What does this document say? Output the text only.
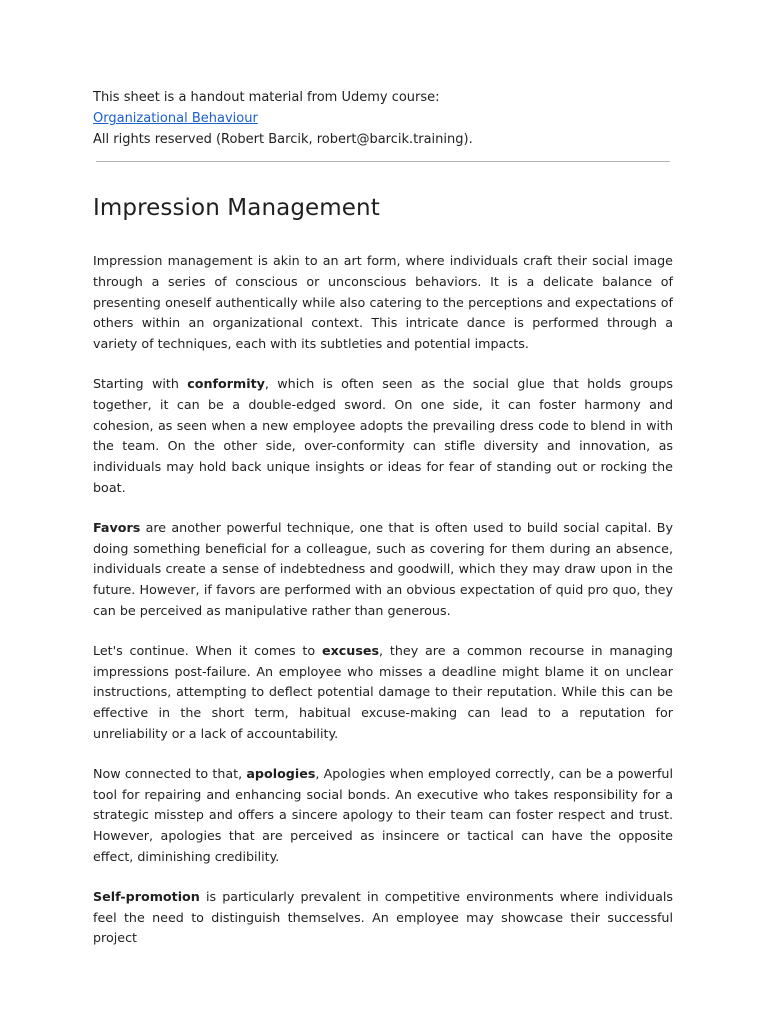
This sheet is a handout material from Udemy course:

Organizational Behaviour

All rights reserved (Robert Barcik, robert@barcik.training).

Impression Management

Impression management is akin to an art form, where individuals craft their social image through a series of conscious or unconscious behaviors. It is a delicate balance of presenting oneself authentically while also catering to the perceptions and expectations of others within an organizational context. This intricate dance is performed through a variety of techniques, each with its subtleties and potential impacts.

Starting with conformity, which is often seen as the social glue that holds groups together, it can be a double-edged sword. On one side, it can foster harmony and cohesion, as seen when a new employee adopts the prevailing dress code to blend in with the team. On the other side, over-conformity can stifle diversity and innovation, as individuals may hold back unique insights or ideas for fear of standing out or rocking the boat.

Favors are another powerful technique, one that is often used to build social capital. By doing something beneficial for a colleague, such as covering for them during an absence, individuals create a sense of indebtedness and goodwill, which they may draw upon in the future. However, if favors are performed with an obvious expectation of quid pro quo, they can be perceived as manipulative rather than generous.

Let's continue. When it comes to excuses, they are a common recourse in managing impressions post-failure. An employee who misses a deadline might blame it on unclear instructions, attempting to deflect potential damage to their reputation. While this can be effective in the short term, habitual excuse-making can lead to a reputation for unreliability or a lack of accountability.

Now connected to that, apologies, Apologies when employed correctly, can be a powerful tool for repairing and enhancing social bonds. An executive who takes responsibility for a strategic misstep and offers a sincere apology to their team can foster respect and trust. However, apologies that are perceived as insincere or tactical can have the opposite effect, diminishing credibility.

Self-promotion is particularly prevalent in competitive environments where individuals feel the need to distinguish themselves. An employee may showcase their successful project
